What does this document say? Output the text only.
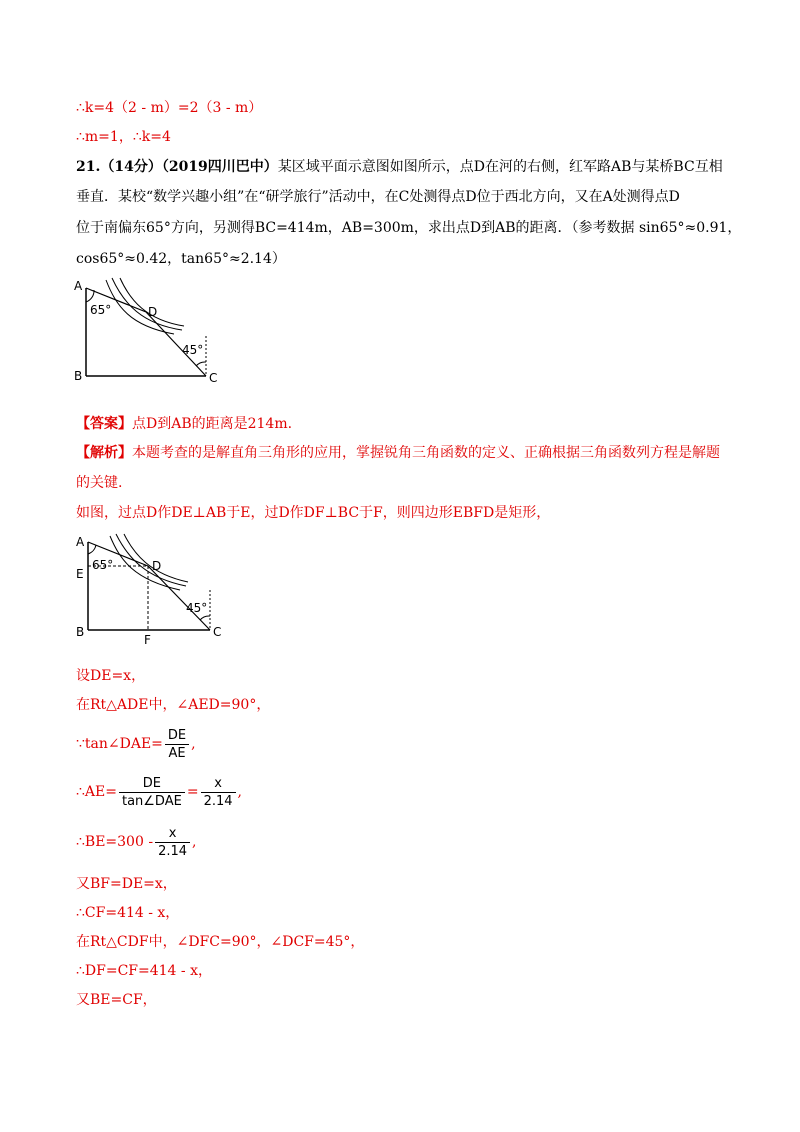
∴k=4（2 - m）=2（3 - m）
∴m=1，∴k=4
21.（14分）（2019四川巴中）某区域平面示意图如图所示，点D在河的右侧，红军路AB与某桥BC互相
垂直．某校“数学兴趣小组”在“研学旅行”活动中，在C处测得点D位于西北方向，又在A处测得点D
位于南偏东65°方向，另测得BC=414m，AB=300m，求出点D到AB的距离．（参考数据 sin65°≈0.91，
cos65°≈0.42，tan65°≈2.14）
A
B	C
D
65°
45°
【答案】点D到AB的距离是214m.
【解析】本题考查的是解直角三角形的应用，掌握锐角三角函数的定义、正确根据三角函数列方程是解题
的关键.
如图，过点D作DE⊥AB于E，过D作DF⊥BC于F，则四边形EBFD是矩形，
A
E
B
F
C
D
65°
45°
设DE=x，
在Rt△ADE中，∠AED=90°，
∵tan∠DAE= $\frac{DE}{AE}$ ,
∴AE= $\frac{DE}{\text{tan∠DAE}} = \frac{x}{2.14}$ ,
∴BE=300 - $\frac{x}{2.14}$ ,
又BF=DE=x，
∴CF=414 - x，
在Rt△CDF中，∠DFC=90°，∠DCF=45°，
∴DF=CF=414 - x，
又BE=CF，
